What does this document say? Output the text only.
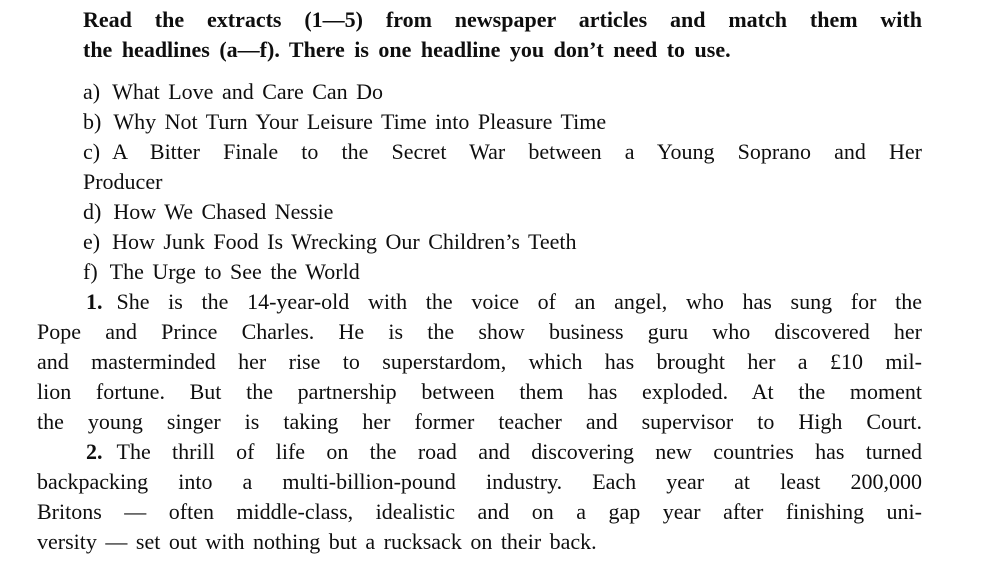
Read the extracts (1—5) from newspaper articles and match them with
the headlines (a—f). There is one headline you don’t need to use.
a) What Love and Care Can Do
b) Why Not Turn Your Leisure Time into Pleasure Time
c) A Bitter Finale to the Secret War between a Young Soprano and Her
Producer
d) How We Chased Nessie
e) How Junk Food Is Wrecking Our Children’s Teeth
f) The Urge to See the World
1. She is the 14-year-old with the voice of an angel, who has sung for the
Pope and Prince Charles. He is the show business guru who discovered her
and masterminded her rise to superstardom, which has brought her a £10 mil-
lion fortune. But the partnership between them has exploded. At the moment
the young singer is taking her former teacher and supervisor to High Court.
2. The thrill of life on the road and discovering new countries has turned
backpacking into a multi-billion-pound industry. Each year at least 200,000
Britons — often middle-class, idealistic and on a gap year after finishing uni-
versity — set out with nothing but a rucksack on their back.
